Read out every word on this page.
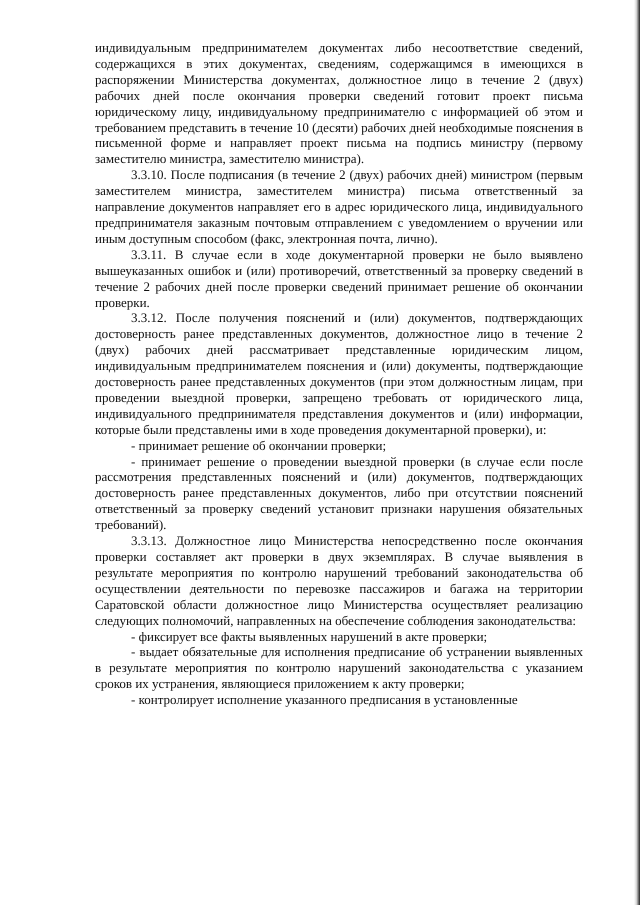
индивидуальным предпринимателем документах либо несоответствие сведений, содержащихся в этих документах, сведениям, содержащимся в имеющихся в распоряжении Министерства документах, должностное лицо в течение 2 (двух) рабочих дней после окончания проверки сведений готовит проект письма юридическому лицу, индивидуальному предпринимателю с информацией об этом и требованием представить в течение 10 (десяти) рабочих дней необходимые пояснения в письменной форме и направляет проект письма на подпись министру (первому заместителю министра, заместителю министра).

3.3.10. После подписания (в течение 2 (двух) рабочих дней) министром (первым заместителем министра, заместителем министра) письма ответственный за направление документов направляет его в адрес юридического лица, индивидуального предпринимателя заказным почтовым отправлением с уведомлением о вручении или иным доступным способом (факс, электронная почта, лично).

3.3.11. В случае если в ходе документарной проверки не было выявлено вышеуказанных ошибок и (или) противоречий, ответственный за проверку сведений в течение 2 рабочих дней после проверки сведений принимает решение об окончании проверки.

3.3.12. После получения пояснений и (или) документов, подтверждающих достоверность ранее представленных документов, должностное лицо в течение 2 (двух) рабочих дней рассматривает представленные юридическим лицом, индивидуальным предпринимателем пояснения и (или) документы, подтверждающие достоверность ранее представленных документов (при этом должностным лицам, при проведении выездной проверки, запрещено требовать от юридического лица, индивидуального предпринимателя представления документов и (или) информации, которые были представлены ими в ходе проведения документарной проверки), и:

- принимает решение об окончании проверки;

- принимает решение о проведении выездной проверки (в случае если после рассмотрения представленных пояснений и (или) документов, подтверждающих достоверность ранее представленных документов, либо при отсутствии пояснений ответственный за проверку сведений установит признаки нарушения обязательных требований).

3.3.13. Должностное лицо Министерства непосредственно после окончания проверки составляет акт проверки в двух экземплярах. В случае выявления в результате мероприятия по контролю нарушений требований законодательства об осуществлении деятельности по перевозке пассажиров и багажа на территории Саратовской области должностное лицо Министерства осуществляет реализацию следующих полномочий, направленных на обеспечение соблюдения законодательства:

- фиксирует все факты выявленных нарушений в акте проверки;

- выдает обязательные для исполнения предписание об устранении выявленных в результате мероприятия по контролю нарушений законодательства с указанием сроков их устранения, являющиеся приложением к акту проверки;

- контролирует исполнение указанного предписания в установленные
